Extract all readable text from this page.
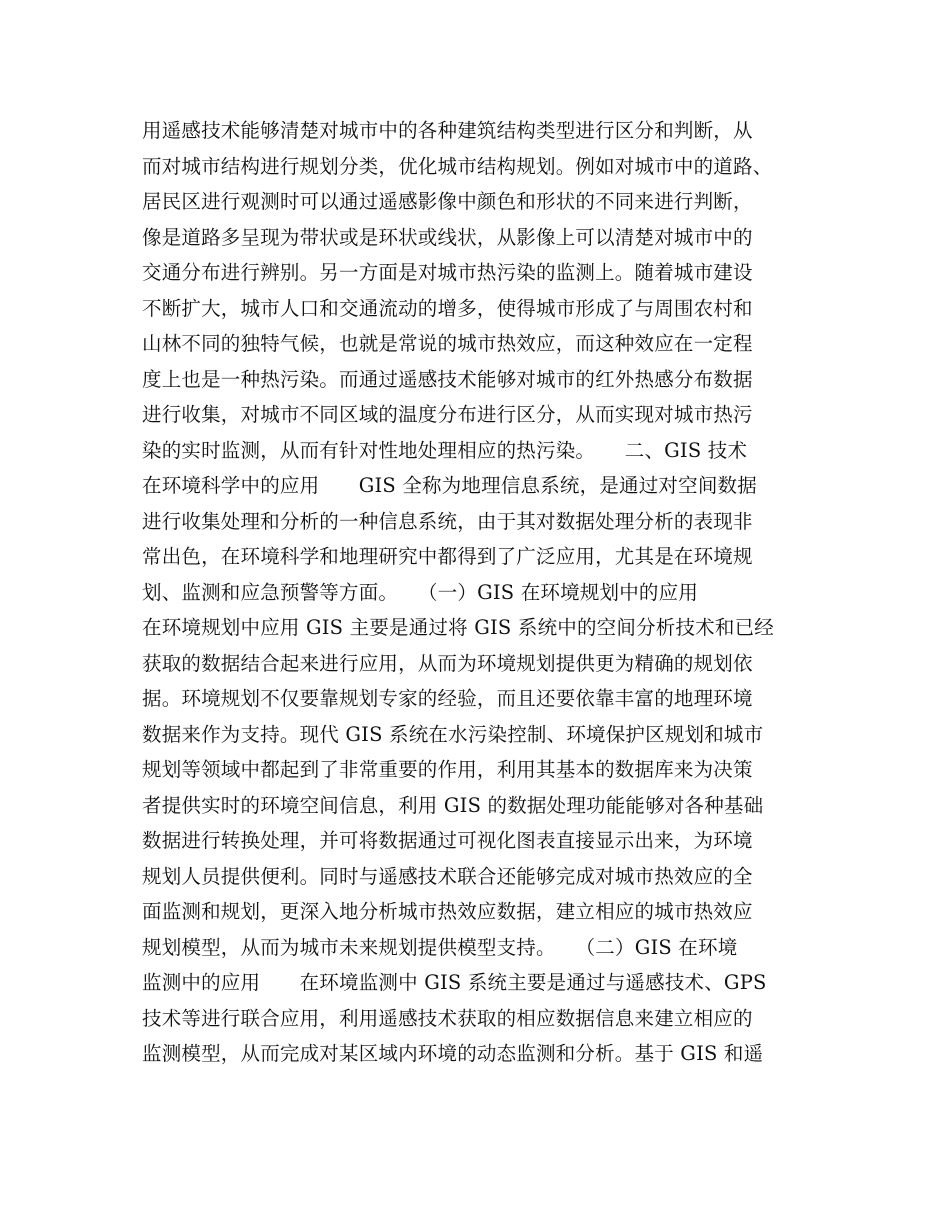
用遥感技术能够清楚对城市中的各种建筑结构类型进行区分和判断，从
而对城市结构进行规划分类，优化城市结构规划。例如对城市中的道路、
居民区进行观测时可以通过遥感影像中颜色和形状的不同来进行判断，
像是道路多呈现为带状或是环状或线状，从影像上可以清楚对城市中的
交通分布进行辨别。另一方面是对城市热污染的监测上。随着城市建设
不断扩大，城市人口和交通流动的增多，使得城市形成了与周围农村和
山林不同的独特气候，也就是常说的城市热效应，而这种效应在一定程
度上也是一种热污染。而通过遥感技术能够对城市的红外热感分布数据
进行收集，对城市不同区域的温度分布进行区分，从而实现对城市热污
染的实时监测，从而有针对性地处理相应的热污染。　　二、GIS 技术
在环境科学中的应用　　GIS 全称为地理信息系统，是通过对空间数据
进行收集处理和分析的一种信息系统，由于其对数据处理分析的表现非
常出色，在环境科学和地理研究中都得到了广泛应用，尤其是在环境规
划、监测和应急预警等方面。　　（一）GIS 在环境规划中的应用
在环境规划中应用 GIS 主要是通过将 GIS 系统中的空间分析技术和已经
获取的数据结合起来进行应用，从而为环境规划提供更为精确的规划依
据。环境规划不仅要靠规划专家的经验，而且还要依靠丰富的地理环境
数据来作为支持。现代 GIS 系统在水污染控制、环境保护区规划和城市
规划等领域中都起到了非常重要的作用，利用其基本的数据库来为决策
者提供实时的环境空间信息，利用 GIS 的数据处理功能能够对各种基础
数据进行转换处理，并可将数据通过可视化图表直接显示出来，为环境
规划人员提供便利。同时与遥感技术联合还能够完成对城市热效应的全
面监测和规划，更深入地分析城市热效应数据，建立相应的城市热效应
规划模型，从而为城市未来规划提供模型支持。　　（二）GIS 在环境
监测中的应用　　在环境监测中 GIS 系统主要是通过与遥感技术、GPS
技术等进行联合应用，利用遥感技术获取的相应数据信息来建立相应的
监测模型，从而完成对某区域内环境的动态监测和分析。基于 GIS 和遥
